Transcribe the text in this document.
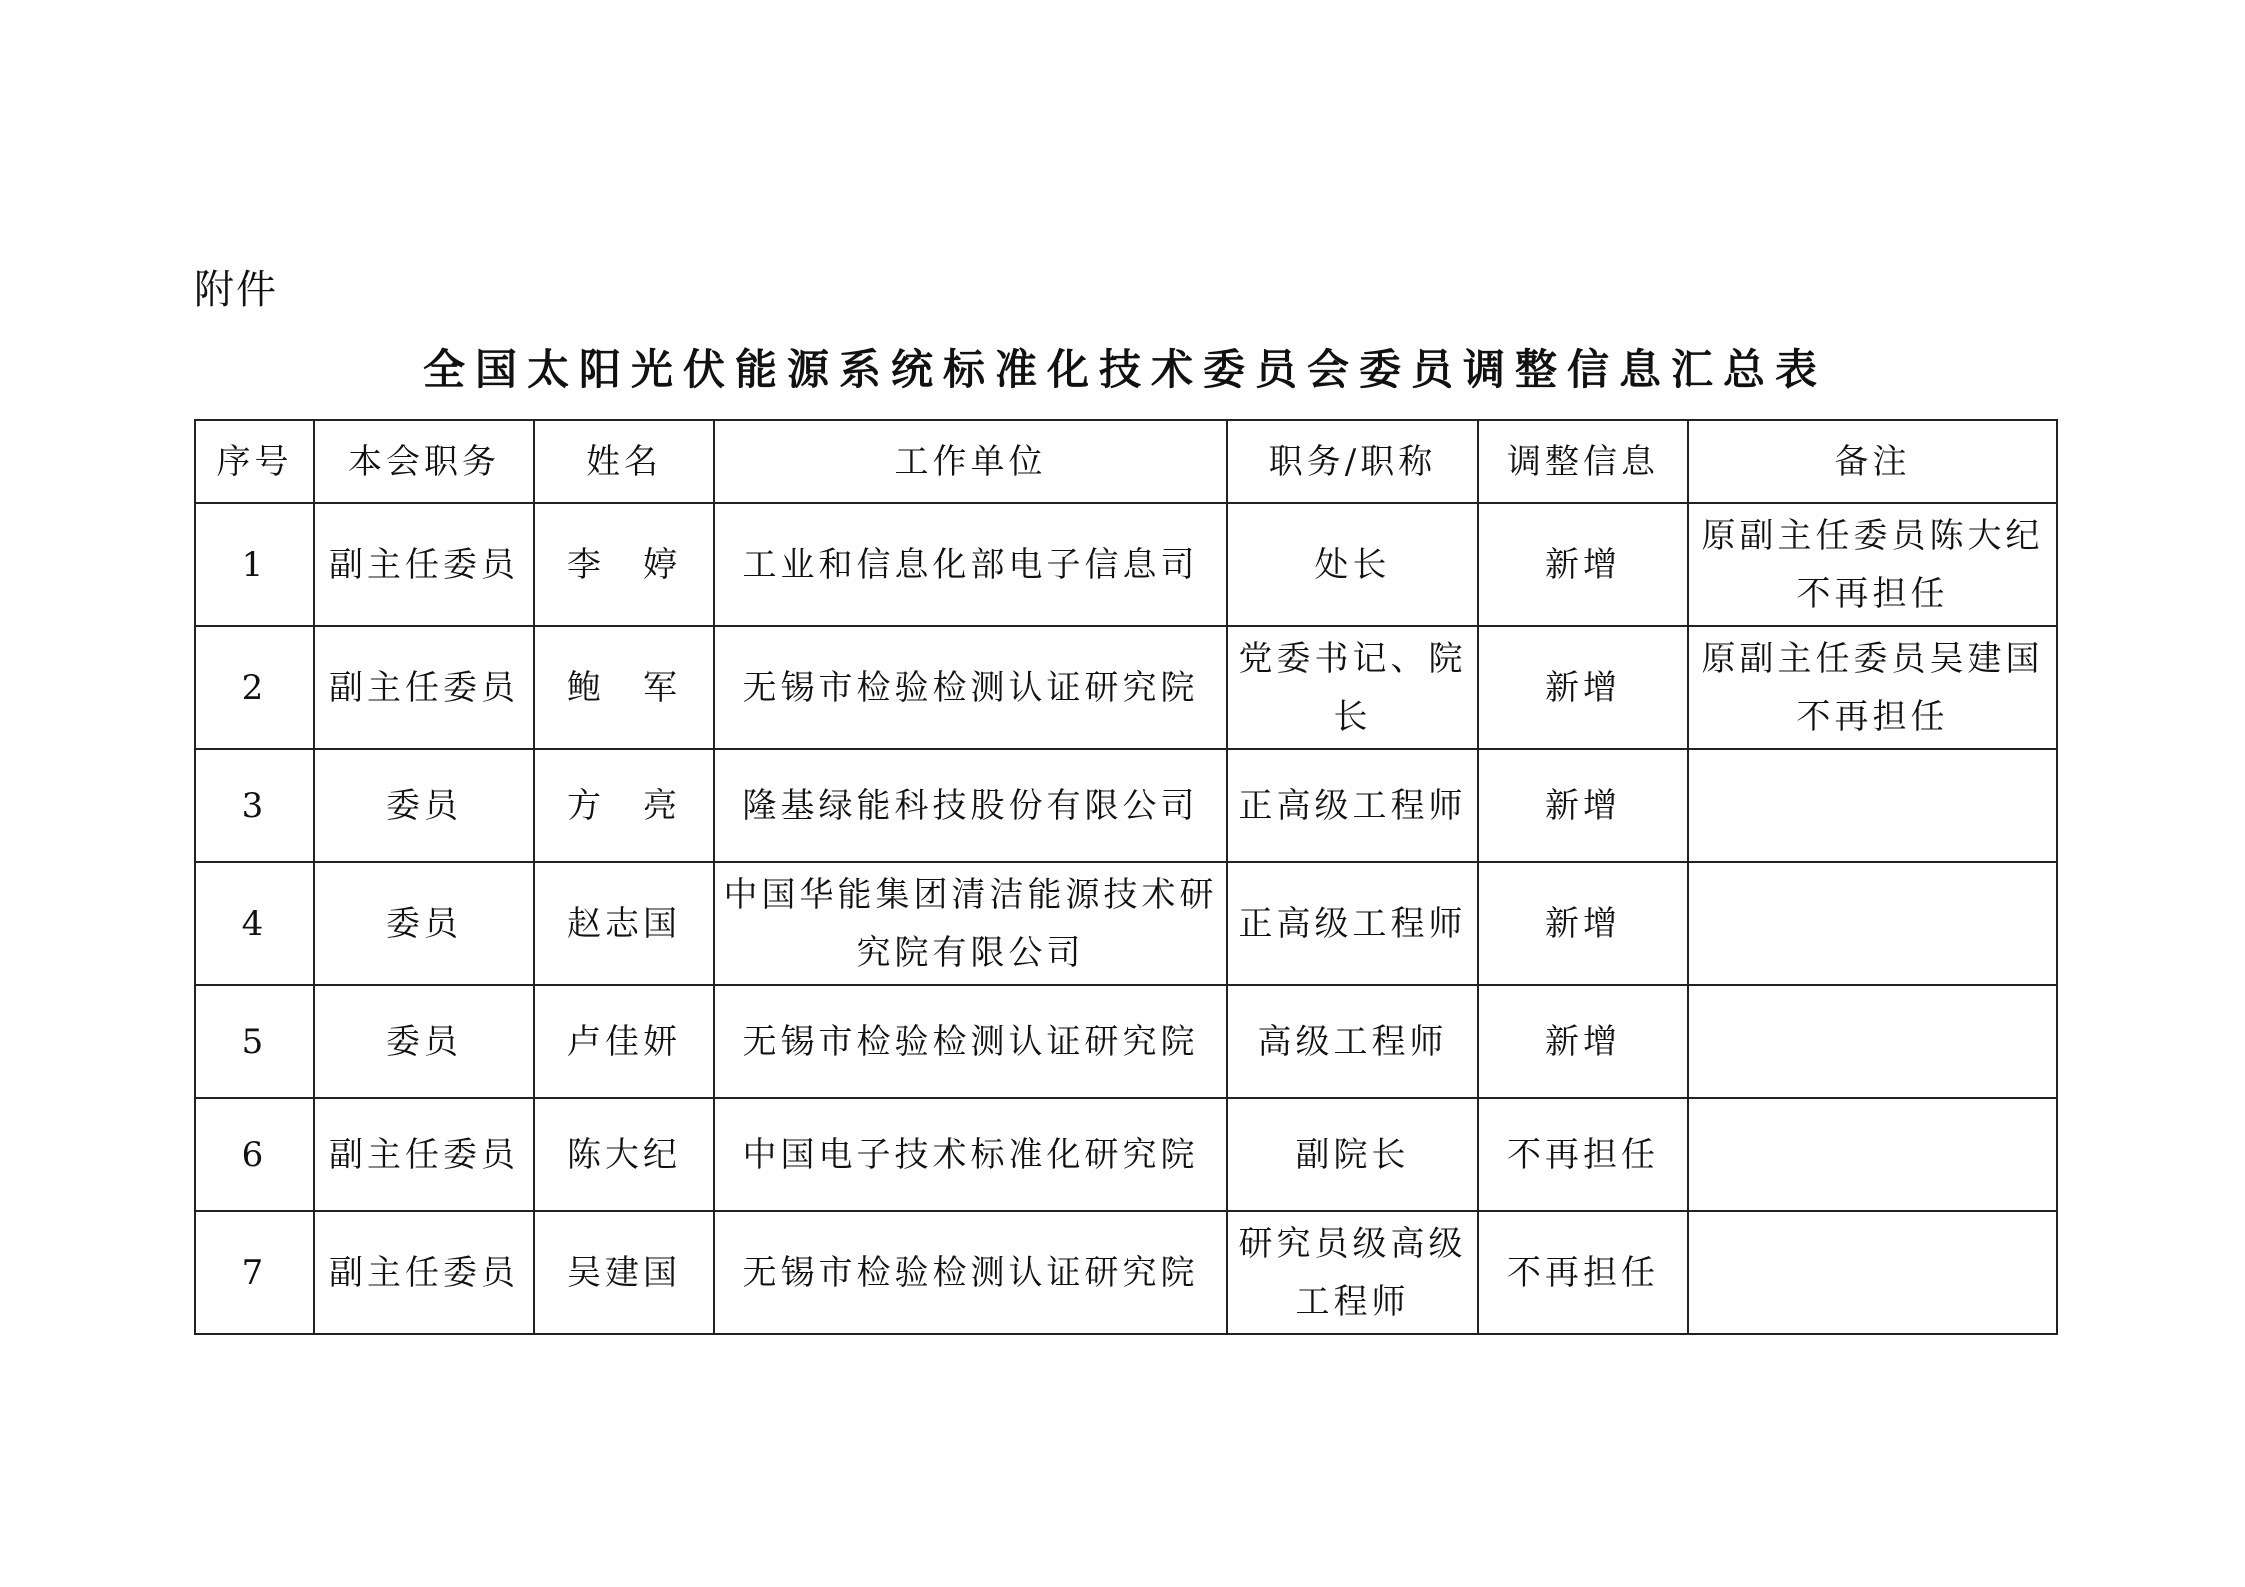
附件
全国太阳光伏能源系统标准化技术委员会委员调整信息汇总表
序号	本会职务	姓名	工作单位	职务/职称	调整信息	备注
1	副主任委员	李　婷	工业和信息化部电子信息司	处长	新增	原副主任委员陈大纪不再担任
2	副主任委员	鲍　军	无锡市检验检测认证研究院	党委书记、院长	新增	原副主任委员吴建国不再担任
3	委员	方　亮	隆基绿能科技股份有限公司	正高级工程师	新增	
4	委员	赵志国	中国华能集团清洁能源技术研究院有限公司	正高级工程师	新增	
5	委员	卢佳妍	无锡市检验检测认证研究院	高级工程师	新增	
6	副主任委员	陈大纪	中国电子技术标准化研究院	副院长	不再担任	
7	副主任委员	吴建国	无锡市检验检测认证研究院	研究员级高级工程师	不再担任	
